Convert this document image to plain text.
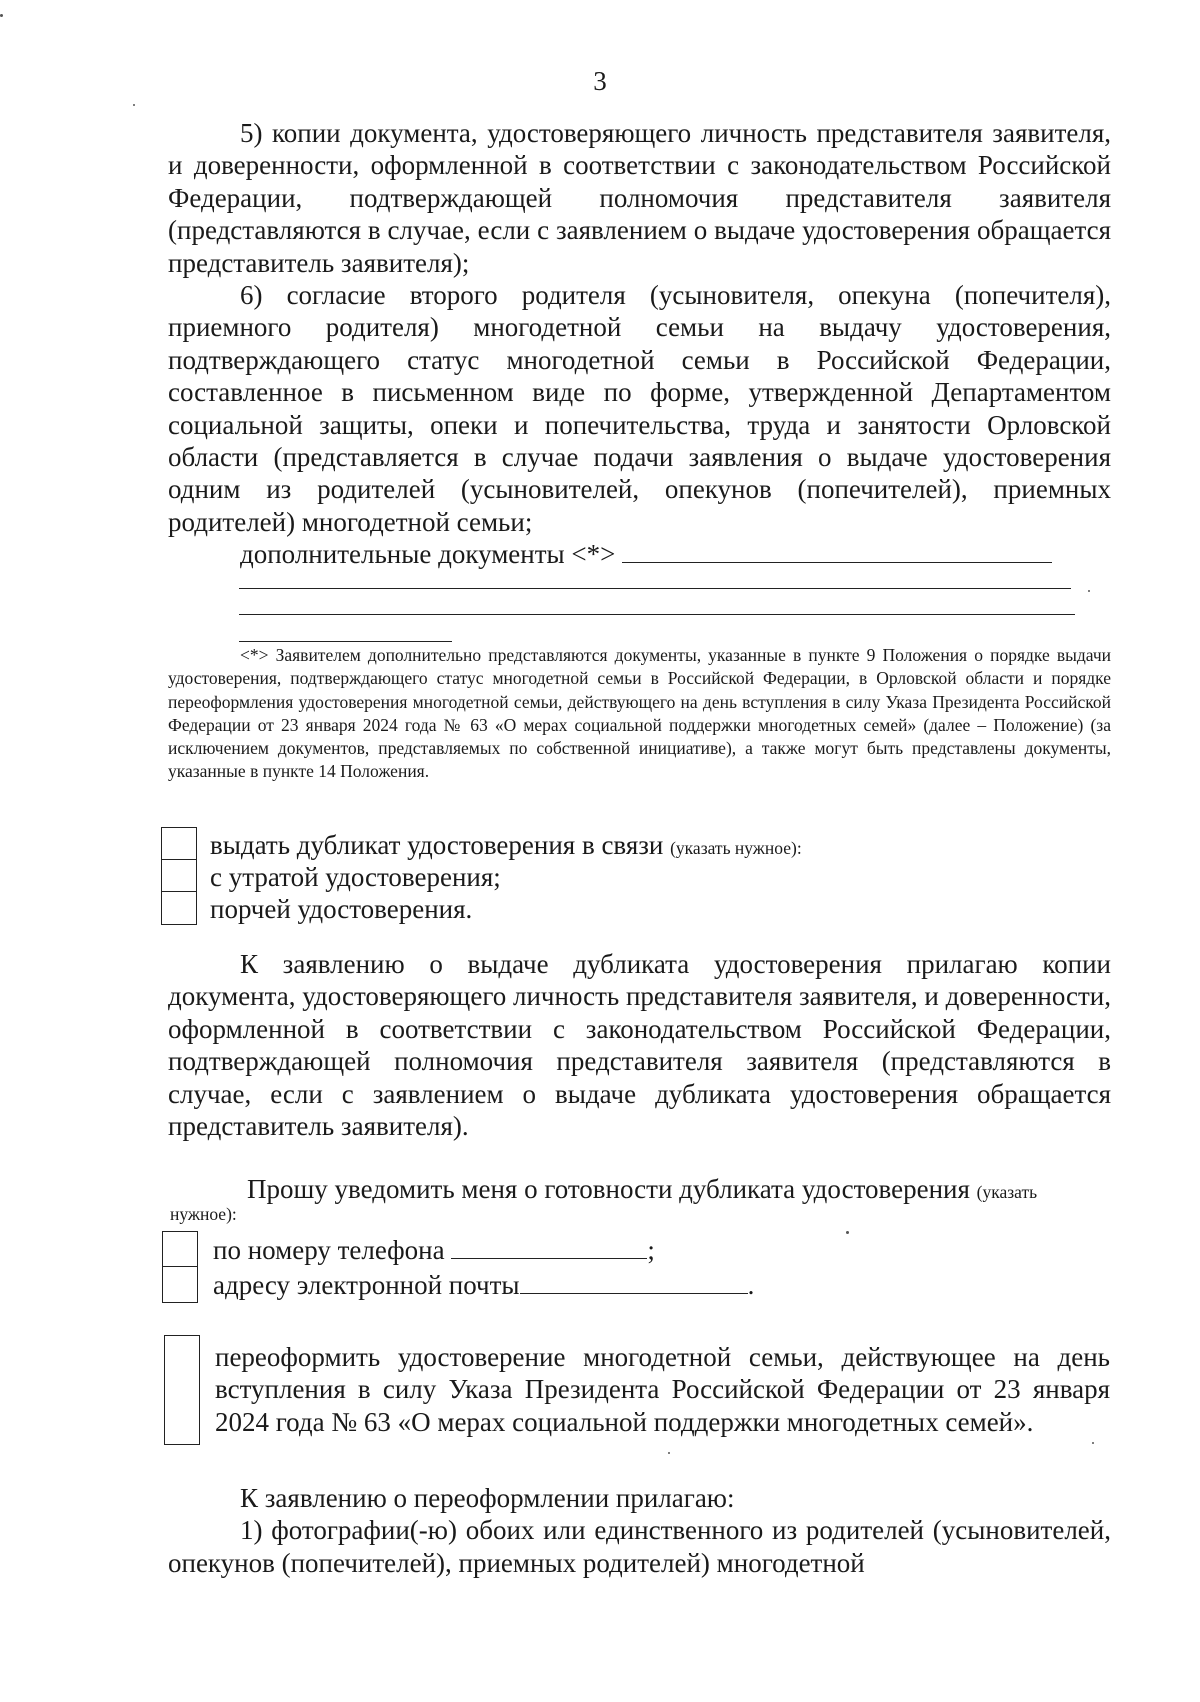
3

5) копии документа, удостоверяющего личность представителя заявителя, и доверенности, оформленной в соответствии с законодательством Российской Федерации, подтверждающей полномочия представителя заявителя (представляются в случае, если с заявлением о выдаче удостоверения обращается представитель заявителя);

6) согласие второго родителя (усыновителя, опекуна (попечителя), приемного родителя) многодетной семьи на выдачу удостоверения, подтверждающего статус многодетной семьи в Российской Федерации, составленное в письменном виде по форме, утвержденной Департаментом социальной защиты, опеки и попечительства, труда и занятости Орловской области (представляется в случае подачи заявления о выдаче удостоверения одним из родителей (усыновителей, опекунов (попечителей), приемных родителей) многодетной семьи;

дополнительные документы <*>

<*> Заявителем дополнительно представляются документы, указанные в пункте 9 Положения о порядке выдачи удостоверения, подтверждающего статус многодетной семьи в Российской Федерации, в Орловской области и порядке переоформления удостоверения многодетной семьи, действующего на день вступления в силу Указа Президента Российской Федерации от 23 января 2024 года № 63 «О мерах социальной поддержки многодетных семей» (далее – Положение) (за исключением документов, представляемых по собственной инициативе), а также могут быть представлены документы, указанные в пункте 14 Положения.

выдать дубликат удостоверения в связи (указать нужное):
с утратой удостоверения;
порчей удостоверения.

К заявлению о выдаче дубликата удостоверения прилагаю копии документа, удостоверяющего личность представителя заявителя, и доверенности, оформленной в соответствии с законодательством Российской Федерации, подтверждающей полномочия представителя заявителя (представляются в случае, если с заявлением о выдаче дубликата удостоверения обращается представитель заявителя).

Прошу уведомить меня о готовности дубликата удостоверения (указать

нужное):
по номеру телефона	;
адресу электронной почты	.

переоформить удостоверение многодетной семьи, действующее на день вступления в силу Указа Президента Российской Федерации от 23 января 2024 года № 63 «О мерах социальной поддержки многодетных семей».

К заявлению о переоформлении прилагаю:

1) фотографии(-ю) обоих или единственного из родителей (усыновителей, опекунов (попечителей), приемных родителей) многодетной
